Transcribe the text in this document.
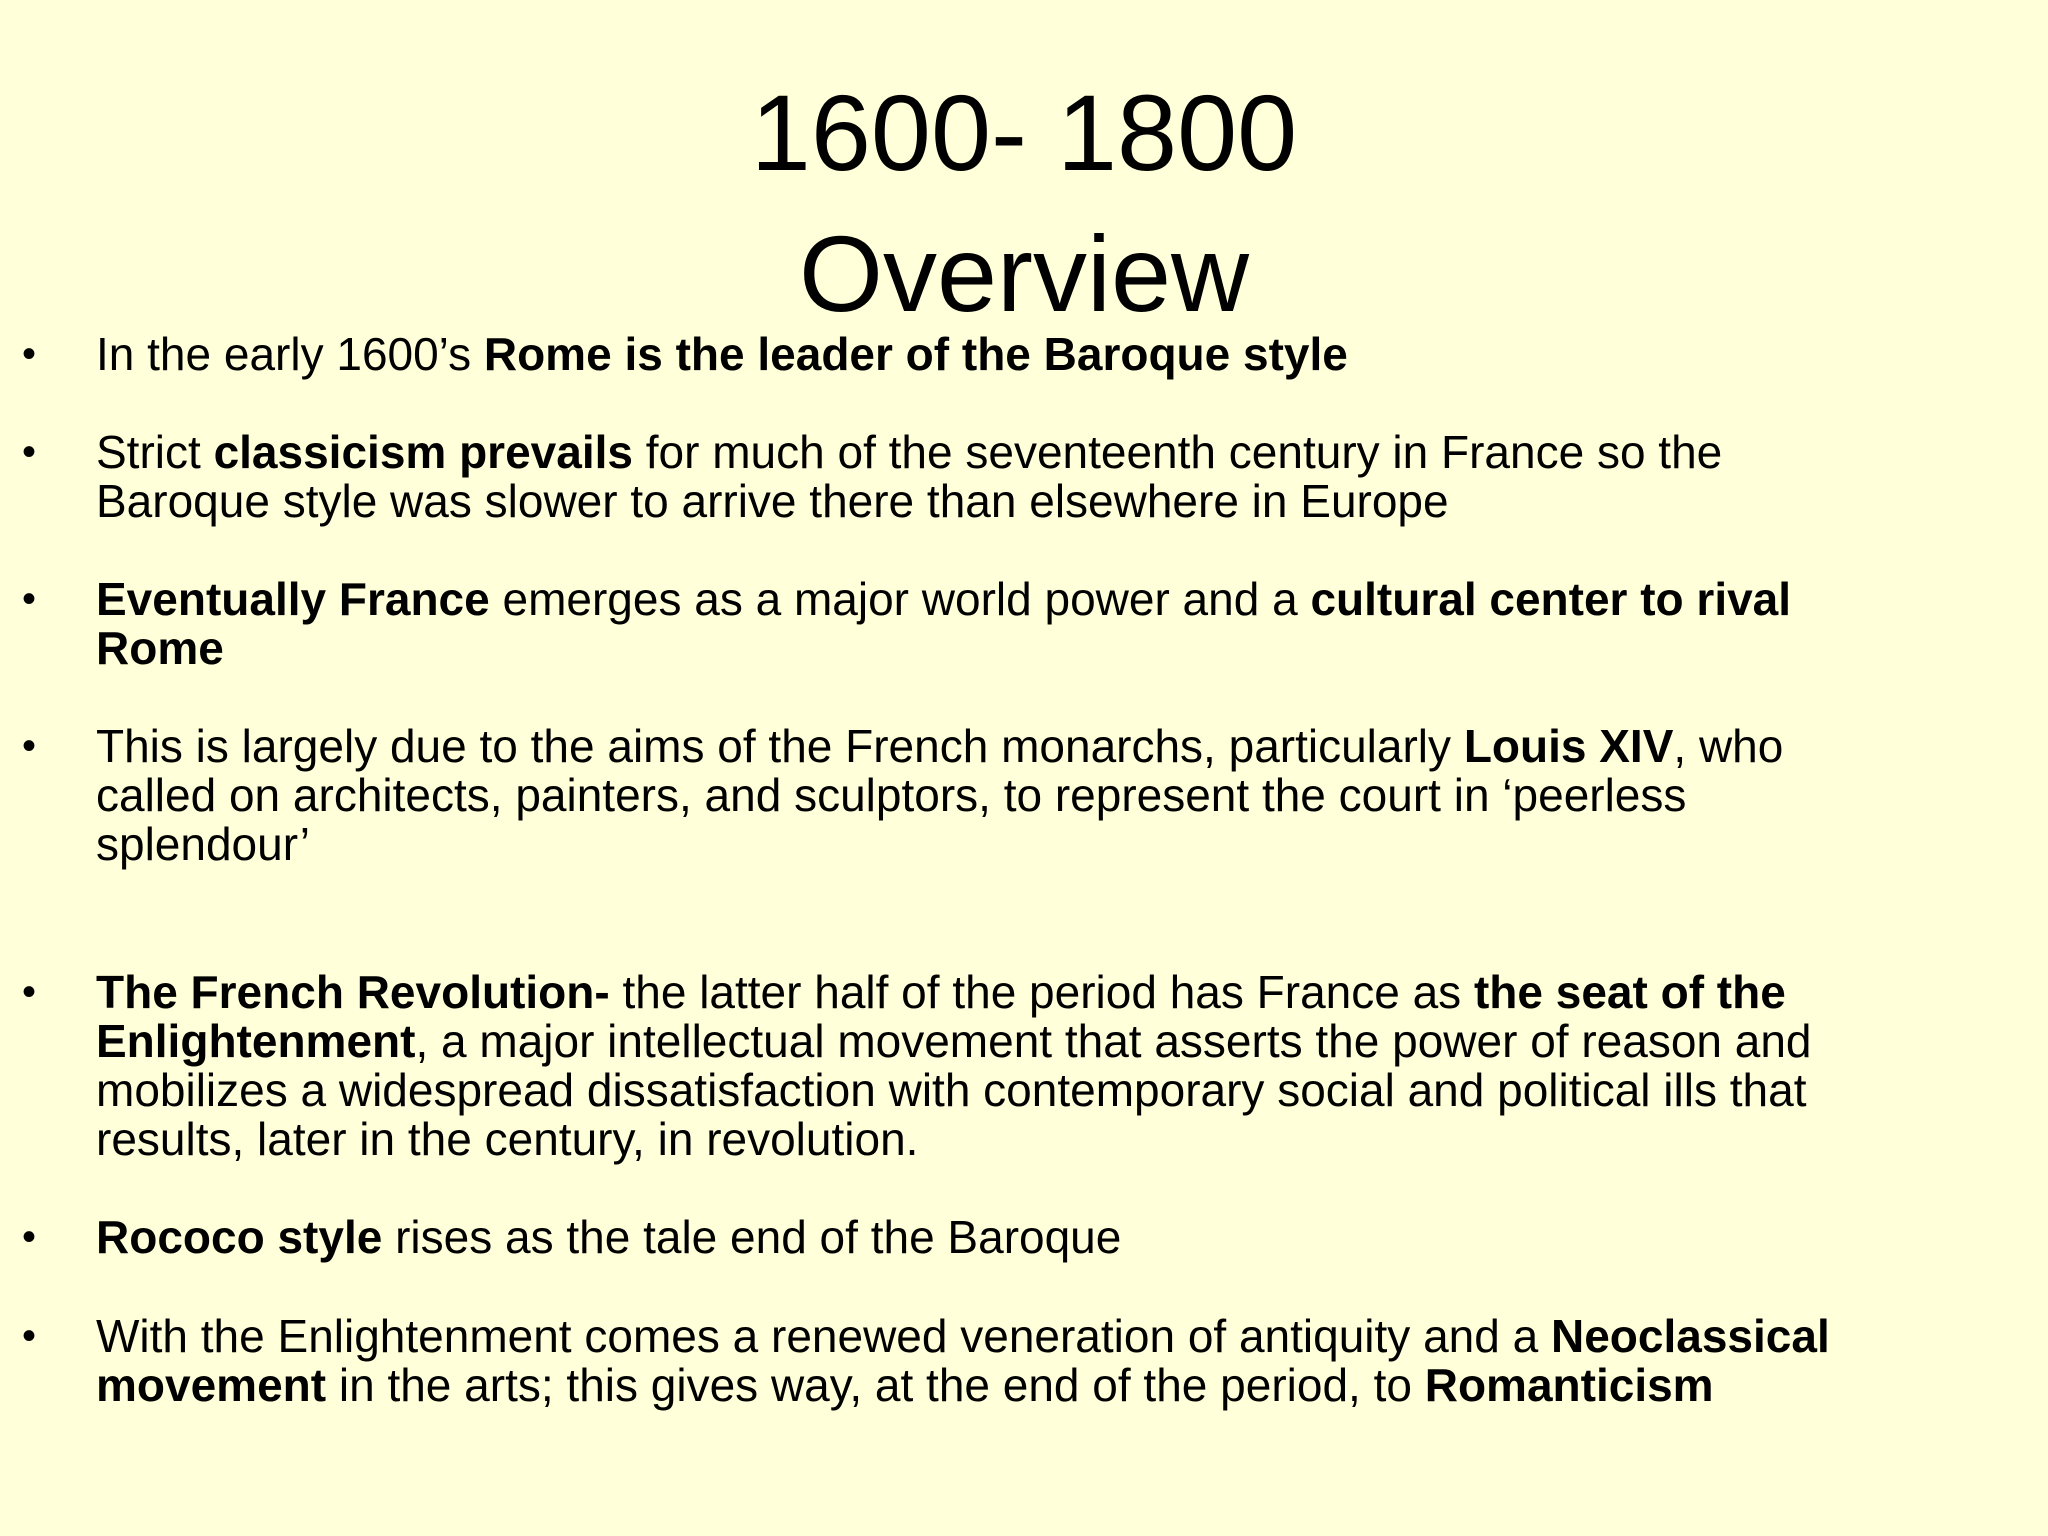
1600- 1800
Overview
• In the early 1600’s Rome is the leader of the Baroque style
• Strict classicism prevails for much of the seventeenth century in France so the
Baroque style was slower to arrive there than elsewhere in Europe
• Eventually France emerges as a major world power and a cultural center to rival
Rome
• This is largely due to the aims of the French monarchs, particularly Louis XIV, who
called on architects, painters, and sculptors, to represent the court in ‘peerless
splendour’
• The French Revolution- the latter half of the period has France as the seat of the
Enlightenment, a major intellectual movement that asserts the power of reason and
mobilizes a widespread dissatisfaction with contemporary social and political ills that
results, later in the century, in revolution.
• Rococo style rises as the tale end of the Baroque
• With the Enlightenment comes a renewed veneration of antiquity and a Neoclassical
movement in the arts; this gives way, at the end of the period, to Romanticism
